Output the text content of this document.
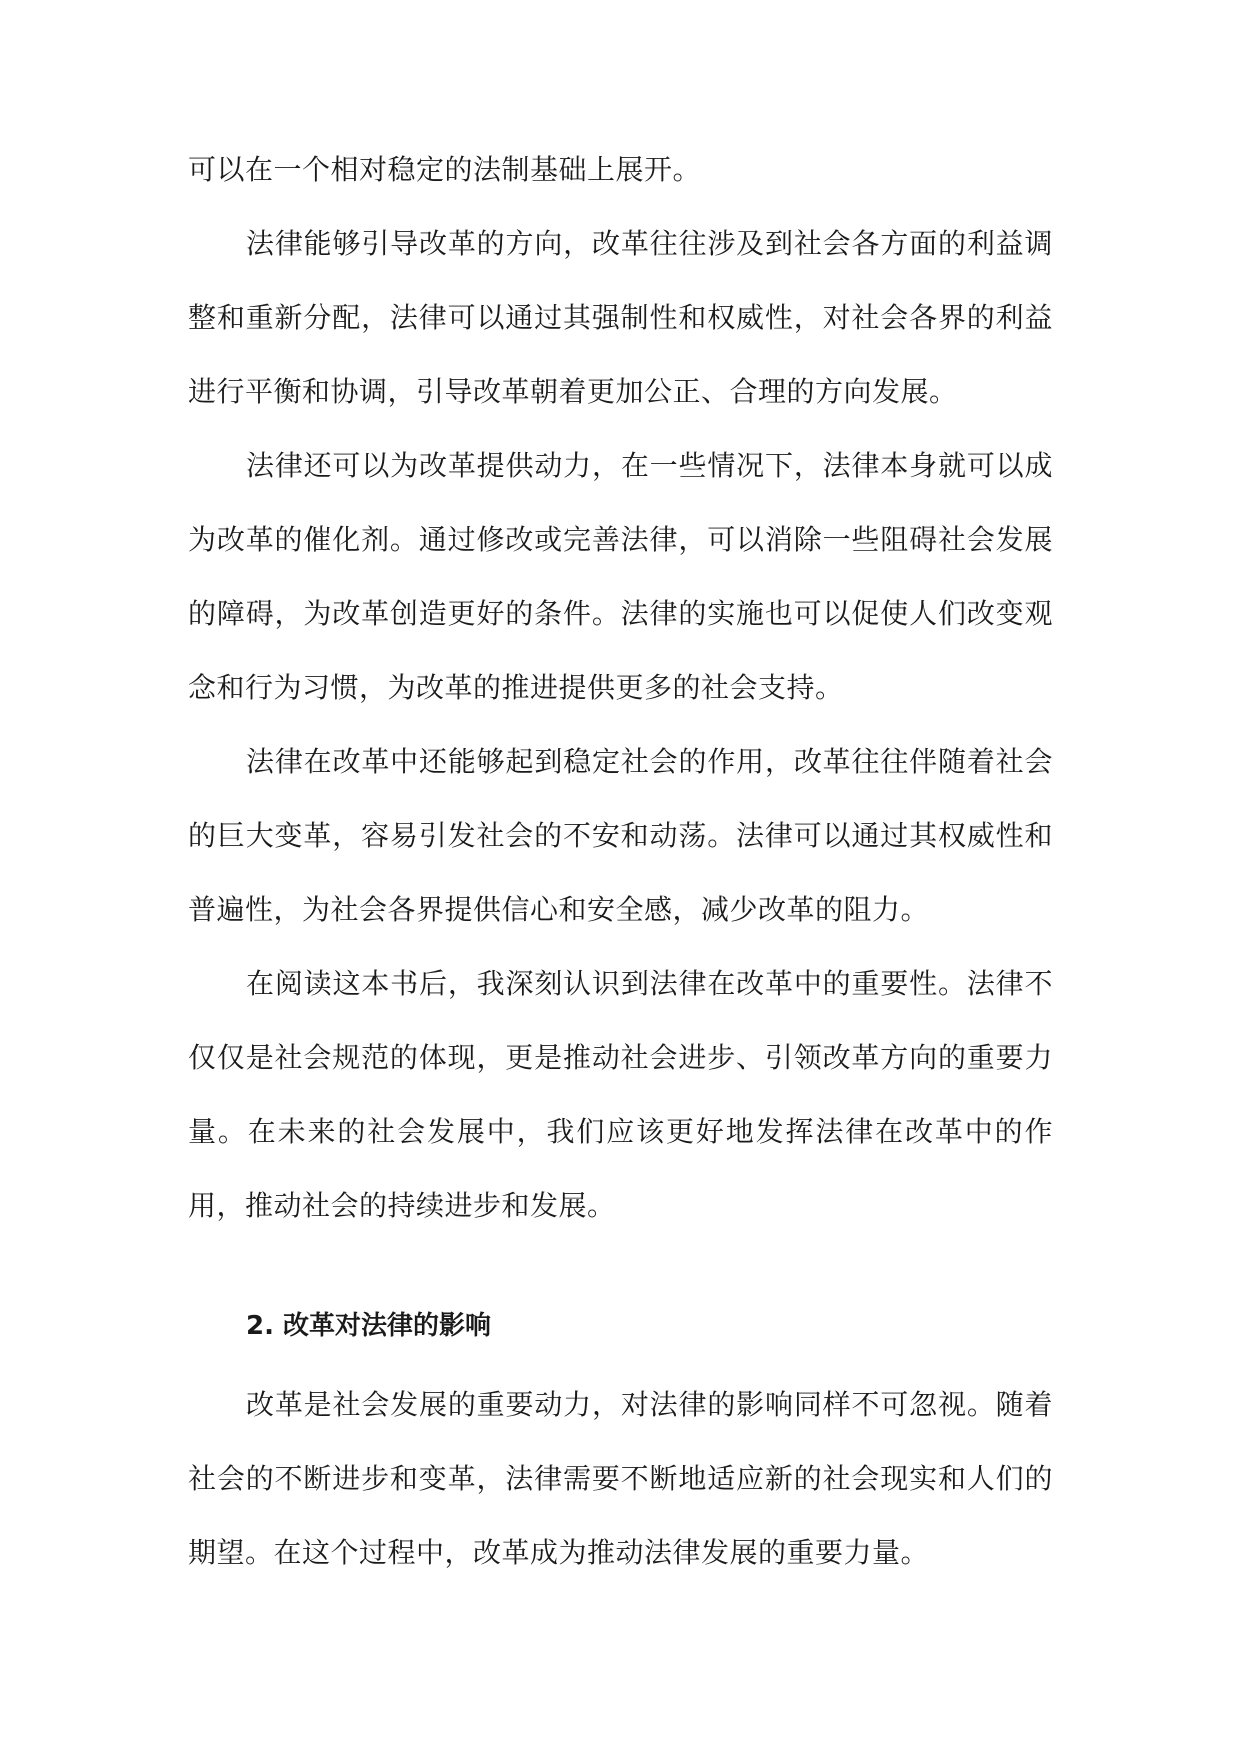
可以在一个相对稳定的法制基础上展开。

法律能够引导改革的方向，改革往往涉及到社会各方面的利益调整和重新分配，法律可以通过其强制性和权威性，对社会各界的利益进行平衡和协调，引导改革朝着更加公正、合理的方向发展。

法律还可以为改革提供动力，在一些情况下，法律本身就可以成为改革的催化剂。通过修改或完善法律，可以消除一些阻碍社会发展的障碍，为改革创造更好的条件。法律的实施也可以促使人们改变观念和行为习惯，为改革的推进提供更多的社会支持。

法律在改革中还能够起到稳定社会的作用，改革往往伴随着社会的巨大变革，容易引发社会的不安和动荡。法律可以通过其权威性和普遍性，为社会各界提供信心和安全感，减少改革的阻力。

在阅读这本书后，我深刻认识到法律在改革中的重要性。法律不仅仅是社会规范的体现，更是推动社会进步、引领改革方向的重要力量。在未来的社会发展中，我们应该更好地发挥法律在改革中的作用，推动社会的持续进步和发展。

2. 改革对法律的影响

改革是社会发展的重要动力，对法律的影响同样不可忽视。随着社会的不断进步和变革，法律需要不断地适应新的社会现实和人们的期望。在这个过程中，改革成为推动法律发展的重要力量。
